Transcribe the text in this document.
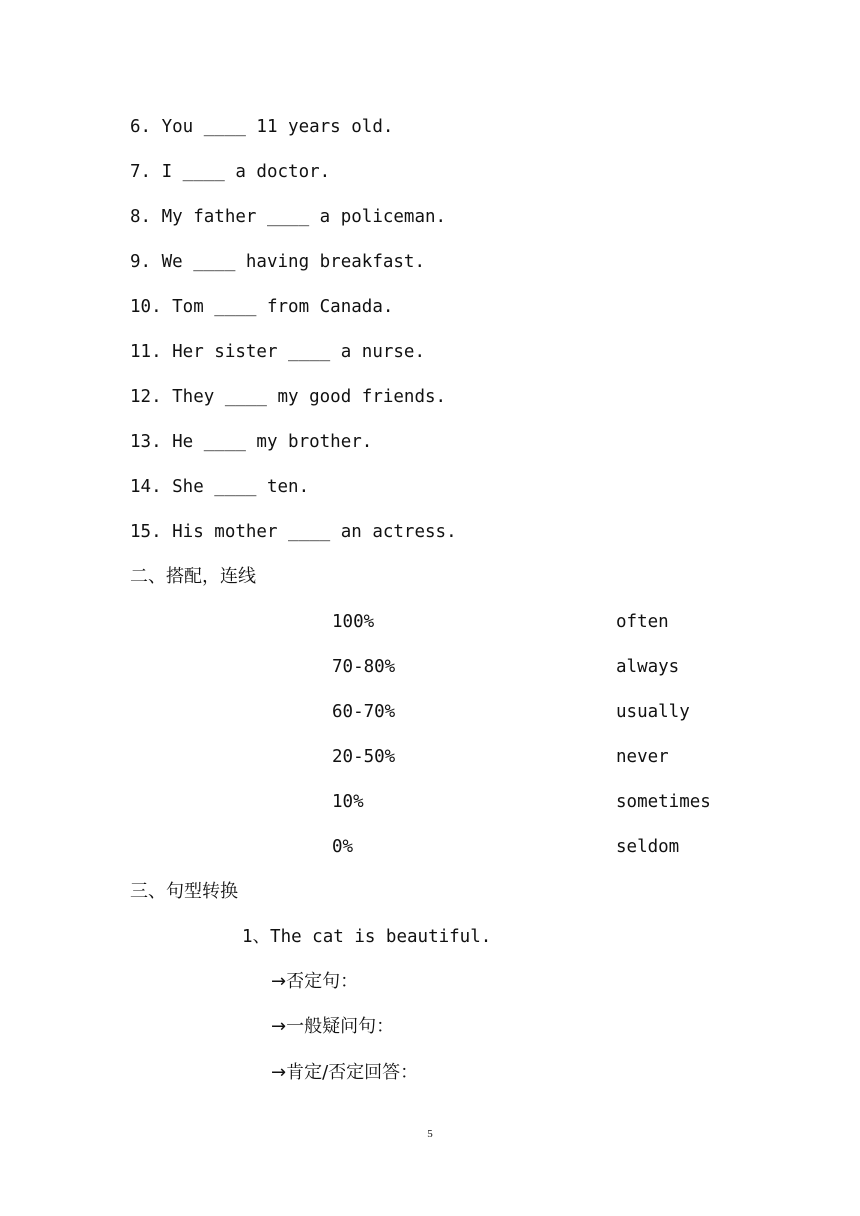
6. You ____ 11 years old.
7. I ____ a doctor.
8. My father ____ a policeman.
9. We ____ having breakfast.
10. Tom ____ from Canada.
11. Her sister ____ a nurse.
12. They ____ my good friends.
13. He ____ my brother.
14. She ____ ten.
15. His mother ____ an actress.
二、搭配，连线
100%
70-80%
60-70%
20-50%
10%
0%
often
always
usually
never
sometimes
seldom
三、句型转换
1、The cat is beautiful.
→否定句：
→一般疑问句：
→肯定/否定回答：
5
